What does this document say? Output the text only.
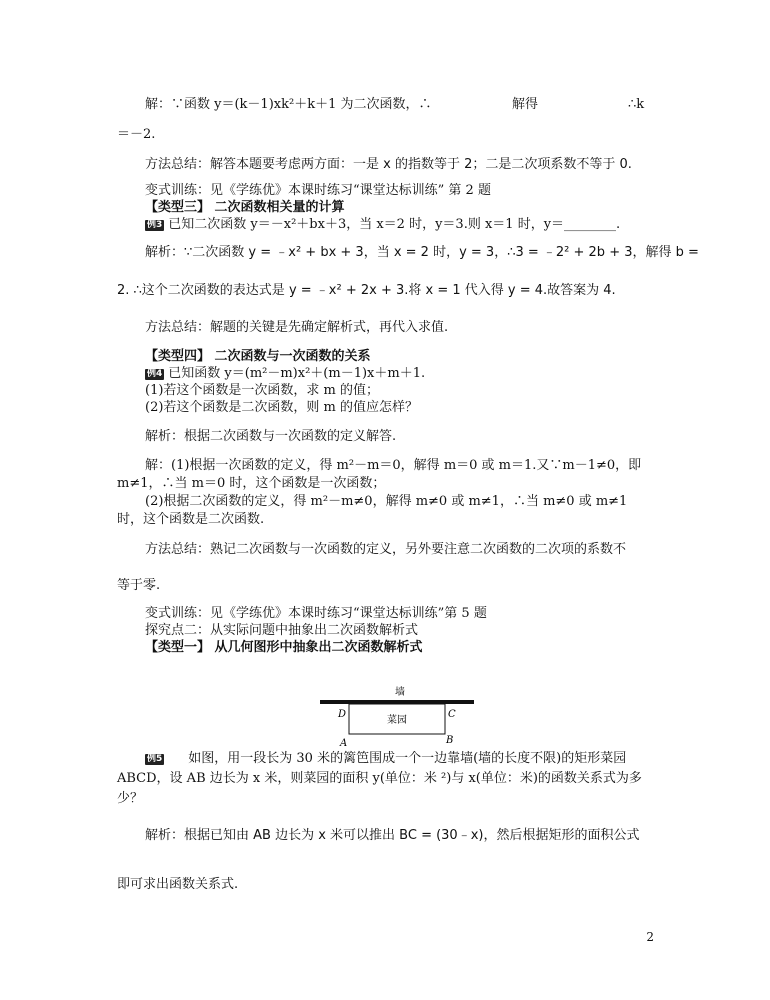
解：∵函数 y＝(k－1)xk²＋k＋1 为二次函数，∴	解得	∴k
＝－2.
方法总结：解答本题要考虑两方面：一是 x 的指数等于 2；二是二次项系数不等于 0.
变式训练：见《学练优》本课时练习“课堂达标训练” 第 2 题
【类型三】 二次函数相关量的计算
例3 已知二次函数 y＝－x²＋bx＋3，当 x＝2 时，y＝3.则 x＝1 时，y＝________.
解析：∵二次函数 y = ﹣x² + bx + 3，当 x = 2 时，y = 3，∴3 = ﹣2² + 2b + 3，解得 b =
2. ∴这个二次函数的表达式是 y = ﹣x² + 2x + 3.将 x = 1 代入得 y = 4.故答案为 4.
方法总结：解题的关键是先确定解析式，再代入求值.
【类型四】 二次函数与一次函数的关系
例4 已知函数 y＝(m²－m)x²＋(m－1)x＋m＋1.
(1)若这个函数是一次函数，求 m 的值；
(2)若这个函数是二次函数，则 m 的值应怎样？
解析：根据二次函数与一次函数的定义解答.
解：(1)根据一次函数的定义，得 m²－m＝0，解得 m＝0 或 m＝1.又∵m－1≠0，即
m≠1，∴当 m＝0 时，这个函数是一次函数；
(2)根据二次函数的定义，得 m²－m≠0，解得 m≠0 或 m≠1，∴当 m≠0 或 m≠1
时，这个函数是二次函数.
方法总结：熟记二次函数与一次函数的定义，另外要注意二次函数的二次项的系数不
等于零.
变式训练：见《学练优》本课时练习“课堂达标训练”第 5 题
探究点二：从实际问题中抽象出二次函数解析式
【类型一】 从几何图形中抽象出二次函数解析式
墙
菜园
D	C
A	B
例5 如图，用一段长为 30 米的篱笆围成一个一边靠墙(墙的长度不限)的矩形菜园
ABCD，设 AB 边长为 x 米，则菜园的面积 y(单位：米 ²)与 x(单位：米)的函数关系式为多
少？
解析：根据已知由 AB 边长为 x 米可以推出 BC = (30﹣x)，然后根据矩形的面积公式
即可求出函数关系式.
2
